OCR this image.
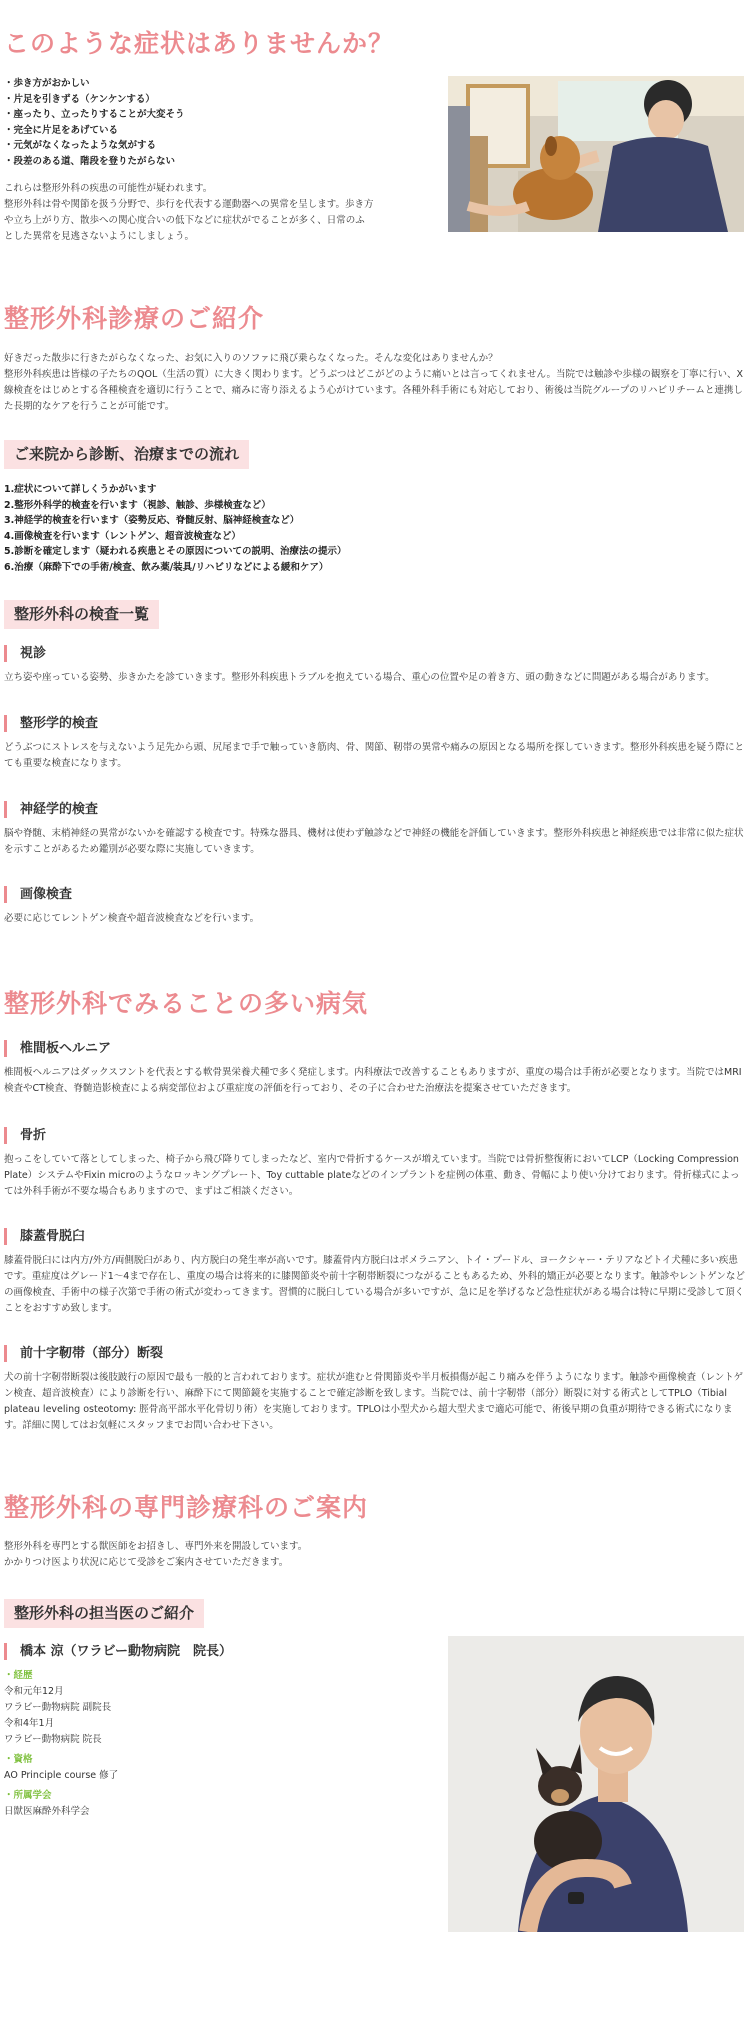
このような症状はありませんか？
・歩き方がおかしい
・片足を引きずる（ケンケンする）
・座ったり、立ったりすることが大変そう
・完全に片足をあげている
・元気がなくなったような気がする
・段差のある道、階段を登りたがらない
これらは整形外科の疾患の可能性が疑われます。
整形外科は骨や関節を扱う分野で、歩行を代表する運動器への異常を呈します。歩き方や立ち上がり方、散歩への関心度合いの低下などに症状がでることが多く、日常のふとした異常を見逃さないようにしましょう。
整形外科診療のご紹介
好きだった散歩に行きたがらなくなった、お気に入りのソファに飛び乗らなくなった。そんな変化はありませんか？
整形外科疾患は皆様の子たちのQOL（生活の質）に大きく関わります。どうぶつはどこがどのように痛いとは言ってくれません。当院では触診や歩様の観察を丁寧に行い、X線検査をはじめとする各種検査を適切に行うことで、痛みに寄り添えるよう心がけています。各種外科手術にも対応しており、術後は当院グループのリハビリチームと連携した長期的なケアを行うことが可能です。
ご来院から診断、治療までの流れ
1.症状について詳しくうかがいます
2.整形外科学的検査を行います（視診、触診、歩様検査など）
3.神経学的検査を行います（姿勢反応、脊髄反射、脳神経検査など）
4.画像検査を行います（レントゲン、超音波検査など）
5.診断を確定します（疑われる疾患とその原因についての説明、治療法の提示）
6.治療（麻酔下での手術/検査、飲み薬/装具/リハビリなどによる緩和ケア）
整形外科の検査一覧
視診
立ち姿や座っている姿勢、歩きかたを診ていきます。整形外科疾患トラブルを抱えている場合、重心の位置や足の着き方、頭の動きなどに問題がある場合があります。
整形学的検査
どうぶつにストレスを与えないよう足先から頭、尻尾まで手で触っていき筋肉、骨、関節、靭帯の異常や痛みの原因となる場所を探していきます。整形外科疾患を疑う際にとても重要な検査になります。
神経学的検査
脳や脊髄、末梢神経の異常がないかを確認する検査です。特殊な器具、機材は使わず触診などで神経の機能を評価していきます。整形外科疾患と神経疾患では非常に似た症状を示すことがあるため鑑別が必要な際に実施していきます。
画像検査
必要に応じてレントゲン検査や超音波検査などを行います。
整形外科でみることの多い病気
椎間板ヘルニア
椎間板ヘルニアはダックスフントを代表とする軟骨異栄養犬種で多く発症します。内科療法で改善することもありますが、重度の場合は手術が必要となります。当院ではMRI検査やCT検査、脊髄造影検査による病変部位および重症度の評価を行っており、その子に合わせた治療法を提案させていただきます。
骨折
抱っこをしていて落としてしまった、椅子から飛び降りてしまったなど、室内で骨折するケースが増えています。当院では骨折整復術においてLCP（Locking Compression Plate）システムやFixin microのようなロッキングプレート、Toy cuttable plateなどのインプラントを症例の体重、動き、骨幅により使い分けております。骨折様式によっては外科手術が不要な場合もありますので、まずはご相談ください。
膝蓋骨脱臼
膝蓋骨脱臼には内方/外方/両側脱臼があり、内方脱臼の発生率が高いです。膝蓋骨内方脱臼はポメラニアン、トイ・プードル、ヨークシャー・テリアなどトイ犬種に多い疾患です。重症度はグレード1〜4まで存在し、重度の場合は将来的に膝関節炎や前十字靭帯断裂につながることもあるため、外科的矯正が必要となります。触診やレントゲンなどの画像検査、手術中の様子次第で手術の術式が変わってきます。習慣的に脱臼している場合が多いですが、急に足を挙げるなど急性症状がある場合は特に早期に受診して頂くことをおすすめ致します。
前十字靭帯（部分）断裂
犬の前十字靭帯断裂は後肢跛行の原因で最も一般的と言われております。症状が進むと骨関節炎や半月板損傷が起こり痛みを伴うようになります。触診や画像検査（レントゲン検査、超音波検査）により診断を行い、麻酔下にて関節鏡を実施することで確定診断を致します。当院では、前十字靭帯（部分）断裂に対する術式としてTPLO（Tibial plateau leveling osteotomy: 脛骨高平部水平化骨切り術）を実施しております。TPLOは小型犬から超大型犬まで適応可能で、術後早期の負重が期待できる術式になります。詳細に関してはお気軽にスタッフまでお問い合わせ下さい。
整形外科の専門診療科のご案内
整形外科を専門とする獣医師をお招きし、専門外来を開設しています。
かかりつけ医より状況に応じて受診をご案内させていただきます。
整形外科の担当医のご紹介
橋本 涼（ワラビー動物病院　院長）
・経歴
令和元年12月
ワラビー動物病院 副院長
令和4年1月
ワラビー動物病院 院長
・資格
AO Principle course 修了
・所属学会
日獣医麻酔外科学会
